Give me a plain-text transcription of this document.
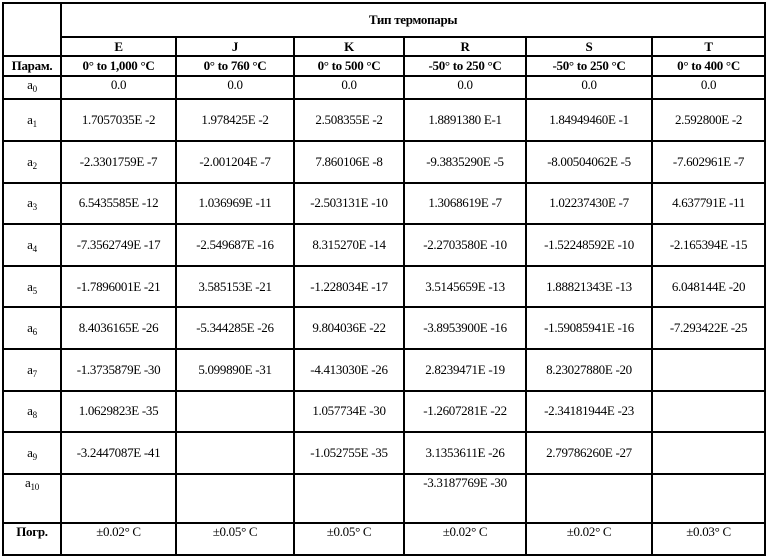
	Тип термопары					
	E	J	K	R	S	T
Парам.	0° to 1,000 °C	0° to 760 °C	0° to 500 °C	-50° to 250 °C	-50° to 250 °C	0° to 400 °C
$a_0$	0.0	0.0	0.0	0.0	0.0	0.0
$a_1$	1.7057035E -2	1.978425E -2	2.508355E -2	1.8891380 E-1	1.84949460E -1	2.592800E -2
$a_2$	-2.3301759E -7	-2.001204E -7	7.860106E -8	-9.3835290E -5	-8.00504062E -5	-7.602961E -7
$a_3$	6.5435585E -12	1.036969E -11	-2.503131E -10	1.3068619E -7	1.02237430E -7	4.637791E -11
$a_4$	-7.3562749E -17	-2.549687E -16	8.315270E -14	-2.2703580E -10	-1.52248592E -10	-2.165394E -15
$a_5$	-1.7896001E -21	3.585153E -21	-1.228034E -17	3.5145659E -13	1.88821343E -13	6.048144E -20
$a_6$	8.4036165E -26	-5.344285E -26	9.804036E -22	-3.8953900E -16	-1.59085941E -16	-7.293422E -25
$a_7$	-1.3735879E -30	5.099890E -31	-4.413030E -26	2.8239471E -19	8.23027880E -20	
$a_8$	1.0629823E -35		1.057734E -30	-1.2607281E -22	-2.34181944E -23	
$a_9$	-3.2447087E -41		-1.052755E -35	3.1353611E -26	2.79786260E -27	
$a_{10}$				-3.3187769E -30		
Погр.	±0.02° C	±0.05° C	±0.05° C	±0.02° C	±0.02° C	±0.03° C
